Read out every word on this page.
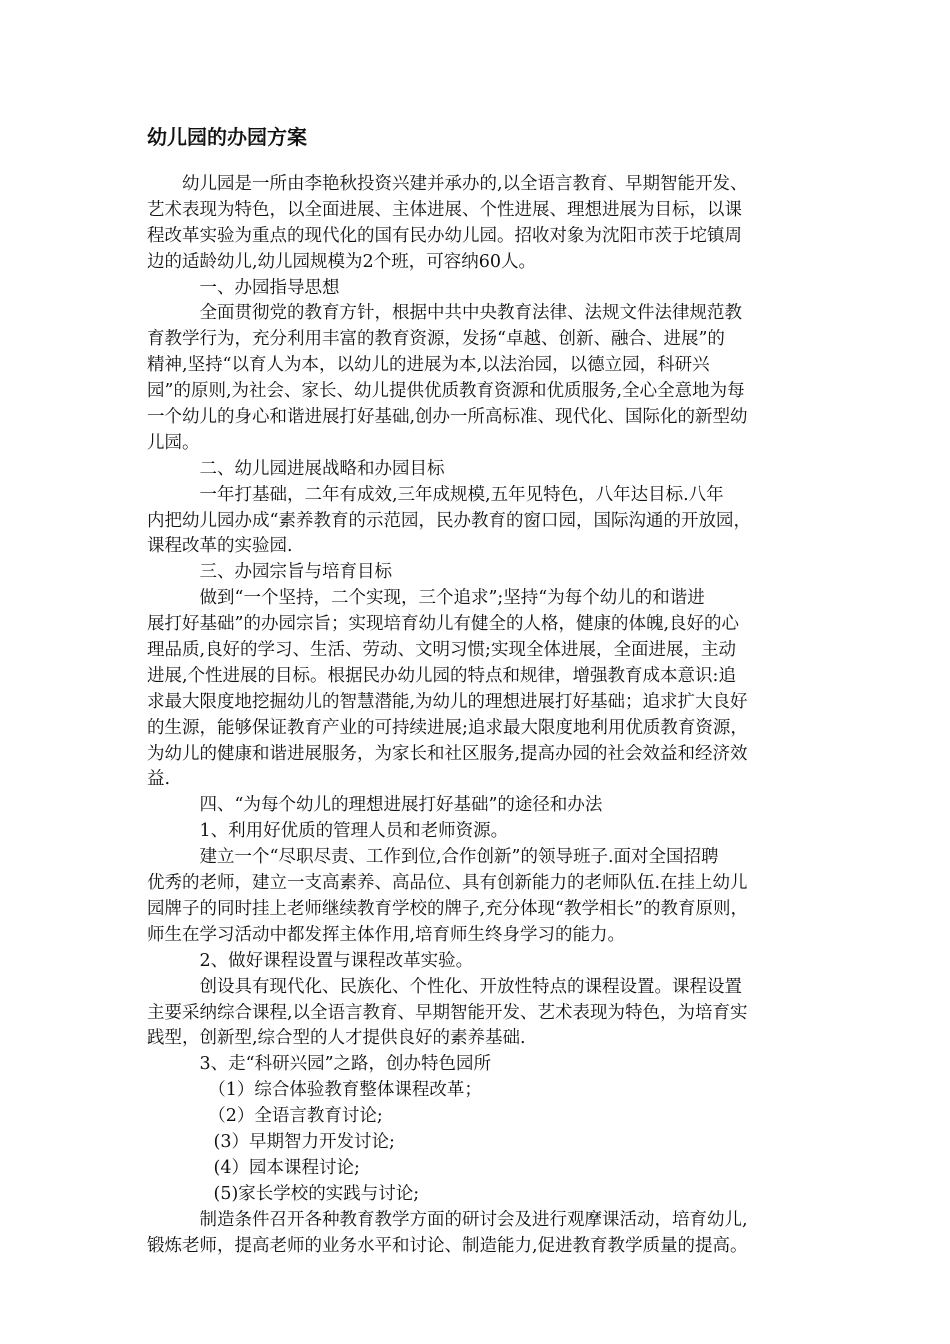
幼儿园的办园方案
幼儿园是一所由李艳秋投资兴建并承办的,以全语言教育、早期智能开发、
艺术表现为特色，以全面进展、主体进展、个性进展、理想进展为目标，以课
程改革实验为重点的现代化的国有民办幼儿园。招收对象为沈阳市茨于坨镇周
边的适龄幼儿,幼儿园规模为2个班，可容纳60人。
一、办园指导思想
全面贯彻党的教育方针，根据中共中央教育法律、法规文件法律规范教
育教学行为，充分利用丰富的教育资源，发扬“卓越、创新、融合、进展”的
精神,坚持“以育人为本，以幼儿的进展为本,以法治园，以德立园，科研兴
园”的原则,为社会、家长、幼儿提供优质教育资源和优质服务,全心全意地为每
一个幼儿的身心和谐进展打好基础,创办一所高标准、现代化、国际化的新型幼
儿园。
二、幼儿园进展战略和办园目标
一年打基础，二年有成效,三年成规模,五年见特色，八年达目标.八年
内把幼儿园办成“素养教育的示范园，民办教育的窗口园，国际沟通的开放园，
课程改革的实验园.
三、办园宗旨与培育目标
做到“一个坚持，二个实现，三个追求”;坚持“为每个幼儿的和谐进
展打好基础”的办园宗旨；实现培育幼儿有健全的人格，健康的体魄,良好的心
理品质,良好的学习、生活、劳动、文明习惯;实现全体进展，全面进展，主动
进展,个性进展的目标。根据民办幼儿园的特点和规律，增强教育成本意识:追
求最大限度地挖掘幼儿的智慧潜能,为幼儿的理想进展打好基础；追求扩大良好
的生源，能够保证教育产业的可持续进展;追求最大限度地利用优质教育资源，
为幼儿的健康和谐进展服务，为家长和社区服务,提高办园的社会效益和经济效
益.
四、“为每个幼儿的理想进展打好基础”的途径和办法
1、利用好优质的管理人员和老师资源。
建立一个“尽职尽责、工作到位,合作创新”的领导班子.面对全国招聘
优秀的老师，建立一支高素养、高品位、具有创新能力的老师队伍.在挂上幼儿
园牌子的同时挂上老师继续教育学校的牌子,充分体现“教学相长”的教育原则，
师生在学习活动中都发挥主体作用,培育师生终身学习的能力。
2、做好课程设置与课程改革实验。
创设具有现代化、民族化、个性化、开放性特点的课程设置。课程设置
主要采纳综合课程,以全语言教育、早期智能开发、艺术表现为特色，为培育实
践型，创新型,综合型的人才提供良好的素养基础.
3、走“科研兴园”之路，创办特色园所
（1）综合体验教育整体课程改革；
（2）全语言教育讨论;
(3）早期智力开发讨论;
(4）园本课程讨论;
(5)家长学校的实践与讨论;
制造条件召开各种教育教学方面的研讨会及进行观摩课活动，培育幼儿,
锻炼老师，提高老师的业务水平和讨论、制造能力,促进教育教学质量的提高。
